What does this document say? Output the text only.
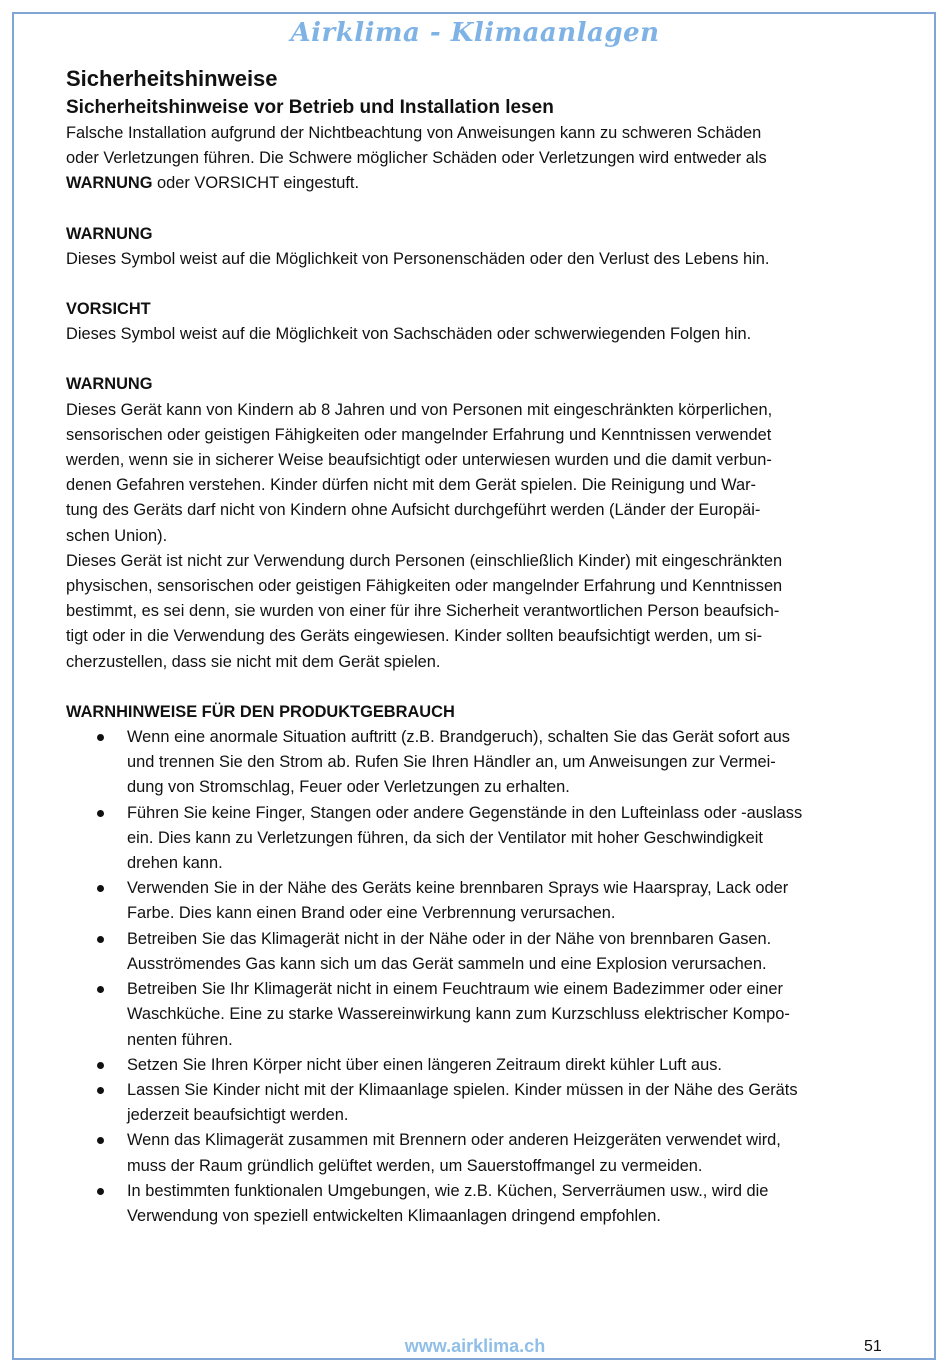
Airklima - Klimaanlagen

Sicherheitshinweise

Sicherheitshinweise vor Betrieb und Installation lesen

Falsche Installation aufgrund der Nichtbeachtung von Anweisungen kann zu schweren Schäden

oder Verletzungen führen. Die Schwere möglicher Schäden oder Verletzungen wird entweder als

WARNUNG oder VORSICHT eingestuft.

WARNUNG

Dieses Symbol weist auf die Möglichkeit von Personenschäden oder den Verlust des Lebens hin.

VORSICHT

Dieses Symbol weist auf die Möglichkeit von Sachschäden oder schwerwiegenden Folgen hin.

WARNUNG

Dieses Gerät kann von Kindern ab 8 Jahren und von Personen mit eingeschränkten körperlichen,

sensorischen oder geistigen Fähigkeiten oder mangelnder Erfahrung und Kenntnissen verwendet

werden, wenn sie in sicherer Weise beaufsichtigt oder unterwiesen wurden und die damit verbun-

denen Gefahren verstehen. Kinder dürfen nicht mit dem Gerät spielen. Die Reinigung und War-

tung des Geräts darf nicht von Kindern ohne Aufsicht durchgeführt werden (Länder der Europäi-

schen Union).

Dieses Gerät ist nicht zur Verwendung durch Personen (einschließlich Kinder) mit eingeschränkten

physischen, sensorischen oder geistigen Fähigkeiten oder mangelnder Erfahrung und Kenntnissen

bestimmt, es sei denn, sie wurden von einer für ihre Sicherheit verantwortlichen Person beaufsich-

tigt oder in die Verwendung des Geräts eingewiesen. Kinder sollten beaufsichtigt werden, um si-

cherzustellen, dass sie nicht mit dem Gerät spielen.

WARNHINWEISE FÜR DEN PRODUKTGEBRAUCH

Wenn eine anormale Situation auftritt (z.B. Brandgeruch), schalten Sie das Gerät sofort aus
und trennen Sie den Strom ab. Rufen Sie Ihren Händler an, um Anweisungen zur Vermei-
dung von Stromschlag, Feuer oder Verletzungen zu erhalten.
Führen Sie keine Finger, Stangen oder andere Gegenstände in den Lufteinlass oder -auslass
ein. Dies kann zu Verletzungen führen, da sich der Ventilator mit hoher Geschwindigkeit
drehen kann.
Verwenden Sie in der Nähe des Geräts keine brennbaren Sprays wie Haarspray, Lack oder
Farbe. Dies kann einen Brand oder eine Verbrennung verursachen.
Betreiben Sie das Klimagerät nicht in der Nähe oder in der Nähe von brennbaren Gasen.
Ausströmendes Gas kann sich um das Gerät sammeln und eine Explosion verursachen.
Betreiben Sie Ihr Klimagerät nicht in einem Feuchtraum wie einem Badezimmer oder einer
Waschküche. Eine zu starke Wassereinwirkung kann zum Kurzschluss elektrischer Kompo-
nenten führen.
Setzen Sie Ihren Körper nicht über einen längeren Zeitraum direkt kühler Luft aus.
Lassen Sie Kinder nicht mit der Klimaanlage spielen. Kinder müssen in der Nähe des Geräts
jederzeit beaufsichtigt werden.
Wenn das Klimagerät zusammen mit Brennern oder anderen Heizgeräten verwendet wird,
muss der Raum gründlich gelüftet werden, um Sauerstoffmangel zu vermeiden.
In bestimmten funktionalen Umgebungen, wie z.B. Küchen, Serverräumen usw., wird die
Verwendung von speziell entwickelten Klimaanlagen dringend empfohlen.
www.airklima.ch	51
